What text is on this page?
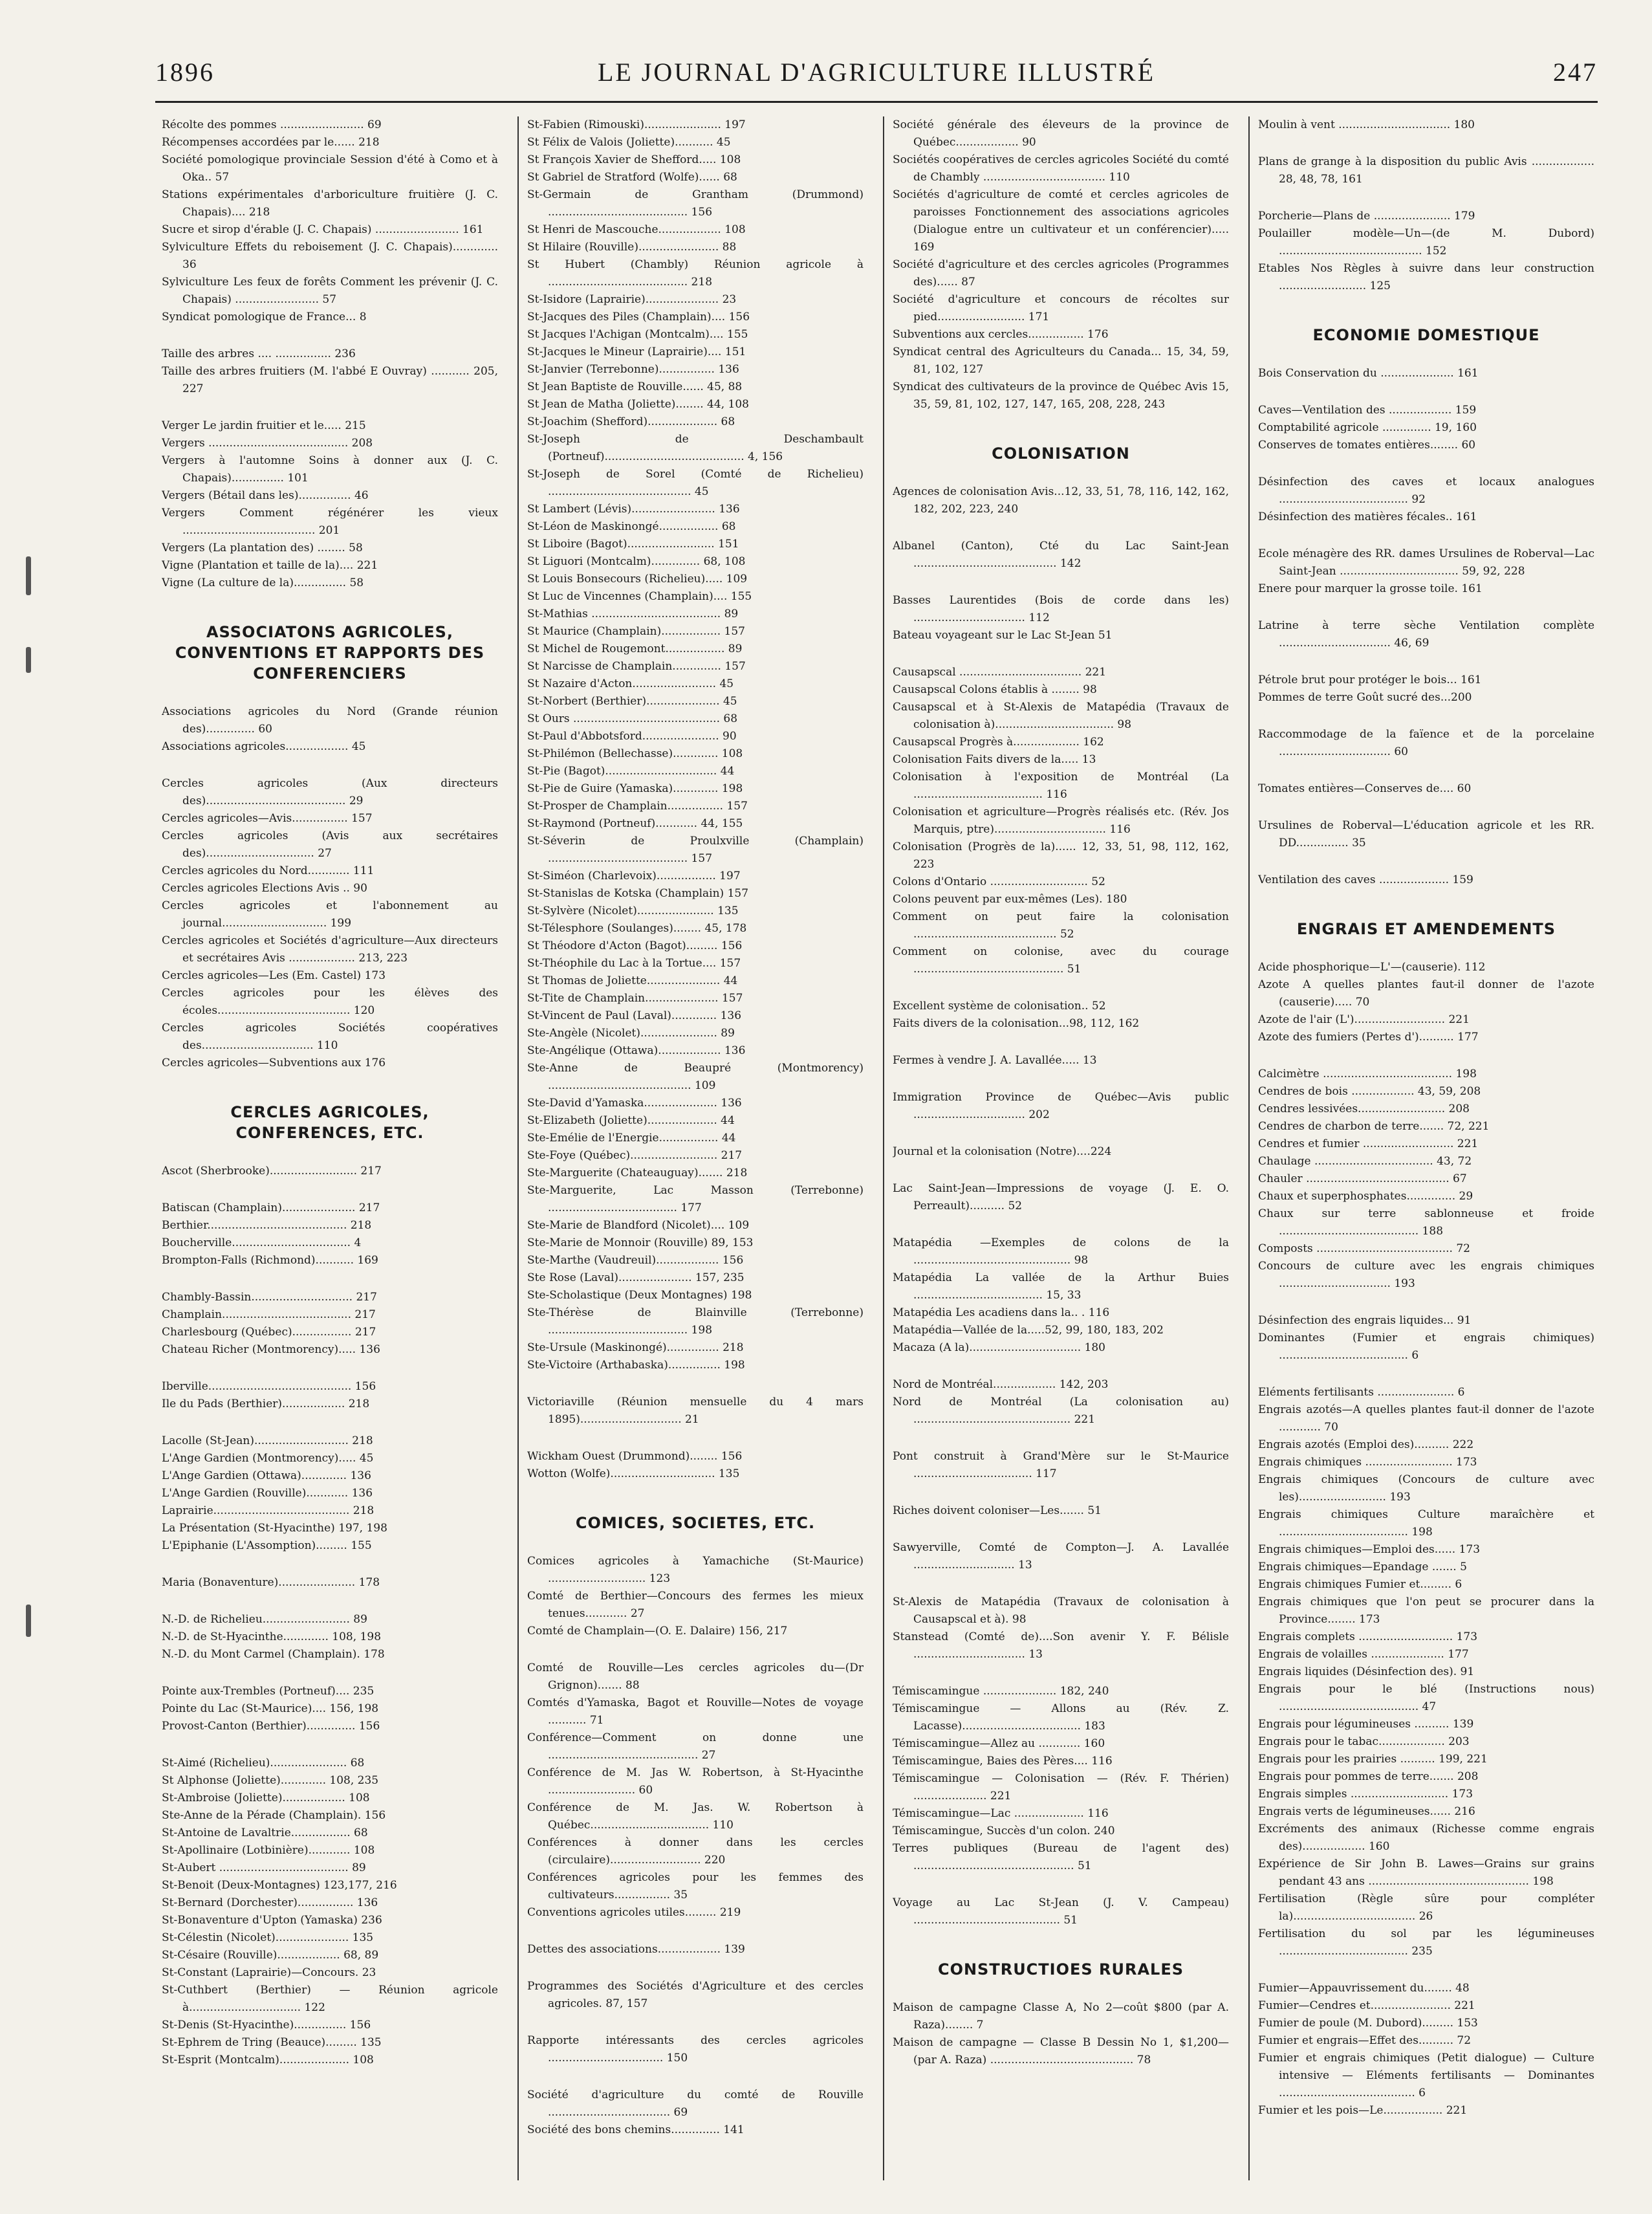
1896	LE JOURNAL D'AGRICULTURE ILLUSTRÉ	247

Récolte des pommes ........................ 69

Récompenses accordées par le...... 218

Société pomologique provinciale Session d'été à Como et à Oka.. 57

Stations expérimentales d'arboriculture fruitière (J. C. Chapais).... 218

Sucre et sirop d'érable (J. C. Chapais) ........................ 161

Sylviculture Effets du reboisement (J. C. Chapais)............. 36

Sylviculture Les feux de forêts Comment les prévenir (J. C. Chapais) ........................ 57

Syndicat pomologique de France... 8

Taille des arbres .... ................ 236

Taille des arbres fruitiers (M. l'abbé E Ouvray) ........... 205, 227

Verger Le jardin fruitier et le..... 215

Vergers ........................................ 208

Vergers à l'automne Soins à donner aux (J. C. Chapais)............... 101

Vergers (Bétail dans les)............... 46

Vergers Comment régénérer les vieux ...................................... 201

Vergers (La plantation des) ........ 58

Vigne (Plantation et taille de la).... 221

Vigne (La culture de la)............... 58

ASSOCIATONS AGRICOLES, CONVENTIONS ET RAPPORTS DES CONFERENCIERS

Associations agricoles du Nord (Grande réunion des).............. 60

Associations agricoles.................. 45

Cercles agricoles (Aux directeurs des)........................................ 29

Cercles agricoles—Avis................ 157

Cercles agricoles (Avis aux secrétaires des)............................... 27

Cercles agricoles du Nord............ 111

Cercles agricoles Elections Avis .. 90

Cercles agricoles et l'abonnement au journal.............................. 199

Cercles agricoles et Sociétés d'agriculture—Aux directeurs et secrétaires Avis ................... 213, 223

Cercles agricoles—Les (Em. Castel) 173

Cercles agricoles pour les élèves des écoles...................................... 120

Cercles agricoles Sociétés coopératives des................................ 110

Cercles agricoles—Subventions aux 176

CERCLES AGRICOLES, CONFERENCES, ETC.

Ascot (Sherbrooke)......................... 217

Batiscan (Champlain)..................... 217

Berthier........................................ 218

Boucherville.................................. 4

Brompton-Falls (Richmond)........... 169

Chambly-Bassin............................. 217

Champlain..................................... 217

Charlesbourg (Québec)................. 217

Chateau Richer (Montmorency)..... 136

Iberville......................................... 156

Ile du Pads (Berthier).................. 218

Lacolle (St-Jean)........................... 218

L'Ange Gardien (Montmorency)..... 45

L'Ange Gardien (Ottawa)............. 136

L'Ange Gardien (Rouville)............ 136

Laprairie....................................... 218

La Présentation (St-Hyacinthe) 197, 198

L'Epiphanie (L'Assomption)......... 155

Maria (Bonaventure)...................... 178

N.-D. de Richelieu......................... 89

N.-D. de St-Hyacinthe............. 108, 198

N.-D. du Mont Carmel (Champlain). 178

Pointe aux-Trembles (Portneuf).... 235

Pointe du Lac (St-Maurice).... 156, 198

Provost-Canton (Berthier).............. 156

St-Aimé (Richelieu)...................... 68

St Alphonse (Joliette)............. 108, 235

St-Ambroise (Joliette).................. 108

Ste-Anne de la Pérade (Champlain). 156

St-Antoine de Lavaltrie................. 68

St-Apollinaire (Lotbinière)............ 108

St-Aubert ..................................... 89

St-Benoit (Deux-Montagnes) 123,177, 216

St-Bernard (Dorchester)................ 136

St-Bonaventure d'Upton (Yamaska) 236

St-Célestin (Nicolet)..................... 135

St-Césaire (Rouville).................. 68, 89

St-Constant (Laprairie)—Concours. 23

St-Cuthbert (Berthier) — Réunion agricole à................................ 122

St-Denis (St-Hyacinthe)............... 156

St-Ephrem de Tring (Beauce)......... 135

St-Esprit (Montcalm).................... 108

St-Fabien (Rimouski)...................... 197

St Félix de Valois (Joliette)........... 45

St François Xavier de Shefford..... 108

St Gabriel de Stratford (Wolfe)...... 68

St-Germain de Grantham (Drummond) ........................................ 156

St Henri de Mascouche.................. 108

St Hilaire (Rouville)....................... 88

St Hubert (Chambly) Réunion agricole à ........................................ 218

St-Isidore (Laprairie)..................... 23

St-Jacques des Piles (Champlain).... 156

St Jacques l'Achigan (Montcalm).... 155

St-Jacques le Mineur (Laprairie).... 151

St-Janvier (Terrebonne)................ 136

St Jean Baptiste de Rouville...... 45, 88

St Jean de Matha (Joliette)........ 44, 108

St-Joachim (Shefford).................... 68

St-Joseph de Deschambault (Portneuf)........................................ 4, 156

St-Joseph de Sorel (Comté de Richelieu) ......................................... 45

St Lambert (Lévis)........................ 136

St-Léon de Maskinongé................. 68

St Liboire (Bagot)......................... 151

St Liguori (Montcalm).............. 68, 108

St Louis Bonsecours (Richelieu)..... 109

St Luc de Vincennes (Champlain).... 155

St-Mathias ..................................... 89

St Maurice (Champlain)................. 157

St Michel de Rougemont................. 89

St Narcisse de Champlain.............. 157

St Nazaire d'Acton........................ 45

St-Norbert (Berthier)..................... 45

St Ours .......................................... 68

St-Paul d'Abbotsford...................... 90

St-Philémon (Bellechasse)............. 108

St-Pie (Bagot)................................ 44

St-Pie de Guire (Yamaska)............. 198

St-Prosper de Champlain................ 157

St-Raymond (Portneuf)............ 44, 155

St-Séverin de Proulxville (Champlain) ........................................ 157

St-Siméon (Charlevoix)................. 197

St-Stanislas de Kotska (Champlain) 157

St-Sylvère (Nicolet)...................... 135

St-Télesphore (Soulanges)........ 45, 178

St Théodore d'Acton (Bagot)......... 156

St-Théophile du Lac à la Tortue.... 157

St Thomas de Joliette..................... 44

St-Tite de Champlain..................... 157

St-Vincent de Paul (Laval)............. 136

Ste-Angèle (Nicolet)...................... 89

Ste-Angélique (Ottawa).................. 136

Ste-Anne de Beaupré (Montmorency) ......................................... 109

Ste-David d'Yamaska..................... 136

St-Elizabeth (Joliette).................... 44

Ste-Emélie de l'Energie................. 44

Ste-Foye (Québec)......................... 217

Ste-Marguerite (Chateauguay)....... 218

Ste-Marguerite, Lac Masson (Terrebonne) ..................................... 177

Ste-Marie de Blandford (Nicolet).... 109

Ste-Marie de Monnoir (Rouville) 89, 153

Ste-Marthe (Vaudreuil).................. 156

Ste Rose (Laval)..................... 157, 235

Ste-Scholastique (Deux Montagnes) 198

Ste-Thérèse de Blainville (Terrebonne) ........................................ 198

Ste-Ursule (Maskinongé)............... 218

Ste-Victoire (Arthabaska)............... 198

Victoriaville (Réunion mensuelle du 4 mars 1895)............................. 21

Wickham Ouest (Drummond)........ 156

Wotton (Wolfe).............................. 135

COMICES, SOCIETES, ETC.

Comices agricoles à Yamachiche (St-Maurice) ............................ 123

Comté de Berthier—Concours des fermes les mieux tenues............ 27

Comté de Champlain—(O. E. Dalaire) 156, 217

Comté de Rouville—Les cercles agricoles du—(Dr Grignon)....... 88

Comtés d'Yamaska, Bagot et Rouville—Notes de voyage ........... 71

Conférence—Comment on donne une ........................................... 27

Conférence de M. Jas W. Robertson, à St-Hyacinthe ......................... 60

Conférence de M. Jas. W. Robertson à Québec.................................. 110

Conférences à donner dans les cercles (circulaire).......................... 220

Conférences agricoles pour les femmes des cultivateurs................ 35

Conventions agricoles utiles......... 219

Dettes des associations.................. 139

Programmes des Sociétés d'Agriculture et des cercles agricoles. 87, 157

Rapporte intéressants des cercles agricoles ................................. 150

Société d'agriculture du comté de Rouville ................................... 69

Société des bons chemins.............. 141

Société générale des éleveurs de la province de Québec.................. 90

Sociétés coopératives de cercles agricoles Société du comté de Chambly ................................... 110

Sociétés d'agriculture de comté et cercles agricoles de paroisses Fonctionnement des associations agricoles (Dialogue entre un cultivateur et un conférencier)..... 169

Société d'agriculture et des cercles agricoles (Programmes des)...... 87

Société d'agriculture et concours de récoltes sur pied......................... 171

Subventions aux cercles................ 176

Syndicat central des Agriculteurs du Canada... 15, 34, 59, 81, 102, 127

Syndicat des cultivateurs de la province de Québec Avis 15, 35, 59, 81, 102, 127, 147, 165, 208, 228, 243

COLONISATION

Agences de colonisation Avis...12, 33, 51, 78, 116, 142, 162, 182, 202, 223, 240

Albanel (Canton), Cté du Lac Saint-Jean ......................................... 142

Basses Laurentides (Bois de corde dans les) ................................ 112

Bateau voyageant sur le Lac St-Jean 51

Causapscal ................................... 221

Causapscal Colons établis à ........ 98

Causapscal et à St-Alexis de Matapédia (Travaux de colonisation à).................................. 98

Causapscal Progrès à................... 162

Colonisation Faits divers de la..... 13

Colonisation à l'exposition de Montréal (La ..................................... 116

Colonisation et agriculture—Progrès réalisés etc. (Rév. Jos Marquis, ptre)................................ 116

Colonisation (Progrès de la)...... 12, 33, 51, 98, 112, 162, 223

Colons d'Ontario ............................ 52

Colons peuvent par eux-mêmes (Les). 180

Comment on peut faire la colonisation ......................................... 52

Comment on colonise, avec du courage ........................................... 51

Excellent système de colonisation.. 52

Faits divers de la colonisation...98, 112, 162

Fermes à vendre J. A. Lavallée..... 13

Immigration Province de Québec—Avis public ................................ 202

Journal et la colonisation (Notre)....224

Lac Saint-Jean—Impressions de voyage (J. E. O. Perreault).......... 52

Matapédia —Exemples de colons de la ............................................. 98

Matapédia La vallée de la Arthur Buies ..................................... 15, 33

Matapédia Les acadiens dans la.. . 116

Matapédia—Vallée de la.....52, 99, 180, 183, 202

Macaza (A la)................................ 180

Nord de Montréal.................. 142, 203

Nord de Montréal (La colonisation au) ............................................. 221

Pont construit à Grand'Mère sur le St-Maurice .................................. 117

Riches doivent coloniser—Les....... 51

Sawyerville, Comté de Compton—J. A. Lavallée ............................. 13

St-Alexis de Matapédia (Travaux de colonisation à Causapscal et à). 98

Stanstead (Comté de)....Son avenir Y. F. Bélisle ................................ 13

Témiscamingue ..................... 182, 240

Témiscamingue — Allons au (Rév. Z. Lacasse).................................. 183

Témiscamingue—Allez au ............ 160

Témiscamingue, Baies des Pères.... 116

Témiscamingue — Colonisation — (Rév. F. Thérien) ..................... 221

Témiscamingue—Lac .................... 116

Témiscamingue, Succès d'un colon. 240

Terres publiques (Bureau de l'agent des) .............................................. 51

Voyage au Lac St-Jean (J. V. Campeau) .......................................... 51

CONSTRUCTIOES RURALES

Maison de campagne Classe A, No 2—coût $800 (par A. Raza)........ 7

Maison de campagne — Classe B Dessin No 1, $1,200— (par A. Raza) ......................................... 78

Moulin à vent ................................ 180

Plans de grange à la disposition du public Avis .................. 28, 48, 78, 161

Porcherie—Plans de ...................... 179

Poulailler modèle—Un—(de M. Dubord) ......................................... 152

Etables Nos Règles à suivre dans leur construction ......................... 125

ECONOMIE DOMESTIQUE

Bois Conservation du ..................... 161

Caves—Ventilation des .................. 159

Comptabilité agricole .............. 19, 160

Conserves de tomates entières........ 60

Désinfection des caves et locaux analogues ..................................... 92

Désinfection des matières fécales.. 161

Ecole ménagère des RR. dames Ursulines de Roberval—Lac Saint-Jean .................................. 59, 92, 228

Enere pour marquer la grosse toile. 161

Latrine à terre sèche Ventilation complète ................................ 46, 69

Pétrole brut pour protéger le bois... 161

Pommes de terre Goût sucré des...200

Raccommodage de la faïence et de la porcelaine ................................ 60

Tomates entières—Conserves de.... 60

Ursulines de Roberval—L'éducation agricole et les RR. DD............... 35

Ventilation des caves .................... 159

ENGRAIS ET AMENDEMENTS

Acide phosphorique—L'—(causerie). 112

Azote A quelles plantes faut-il donner de l'azote (causerie)..... 70

Azote de l'air (L').......................... 221

Azote des fumiers (Pertes d').......... 177

Calcimètre ..................................... 198

Cendres de bois .................. 43, 59, 208

Cendres lessivées......................... 208

Cendres de charbon de terre....... 72, 221

Cendres et fumier .......................... 221

Chaulage .................................. 43, 72

Chauler ......................................... 67

Chaux et superphosphates.............. 29

Chaux sur terre sablonneuse et froide ........................................ 188

Composts ....................................... 72

Concours de culture avec les engrais chimiques ................................ 193

Désinfection des engrais liquides... 91

Dominantes (Fumier et engrais chimiques) ..................................... 6

Eléments fertilisants ...................... 6

Engrais azotés—A quelles plantes faut-il donner de l'azote ............ 70

Engrais azotés (Emploi des).......... 222

Engrais chimiques ......................... 173

Engrais chimiques (Concours de culture avec les)......................... 193

Engrais chimiques Culture maraîchère et ..................................... 198

Engrais chimiques—Emploi des...... 173

Engrais chimiques—Epandage ....... 5

Engrais chimiques Fumier et......... 6

Engrais chimiques que l'on peut se procurer dans la Province........ 173

Engrais complets ........................... 173

Engrais de volailles ..................... 177

Engrais liquides (Désinfection des). 91

Engrais pour le blé (Instructions nous) ........................................ 47

Engrais pour légumineuses .......... 139

Engrais pour le tabac................... 203

Engrais pour les prairies .......... 199, 221

Engrais pour pommes de terre....... 208

Engrais simples ............................ 173

Engrais verts de légumineuses...... 216

Excréments des animaux (Richesse comme engrais des).................. 160

Expérience de Sir John B. Lawes—Grains sur grains pendant 43 ans .............................................. 198

Fertilisation (Règle sûre pour compléter la)................................... 26

Fertilisation du sol par les légumineuses ..................................... 235

Fumier—Appauvrissement du........ 48

Fumier—Cendres et....................... 221

Fumier de poule (M. Dubord)......... 153

Fumier et engrais—Effet des.......... 72

Fumier et engrais chimiques (Petit dialogue) — Culture intensive — Eléments fertilisants — Dominantes ....................................... 6

Fumier et les pois—Le................. 221
